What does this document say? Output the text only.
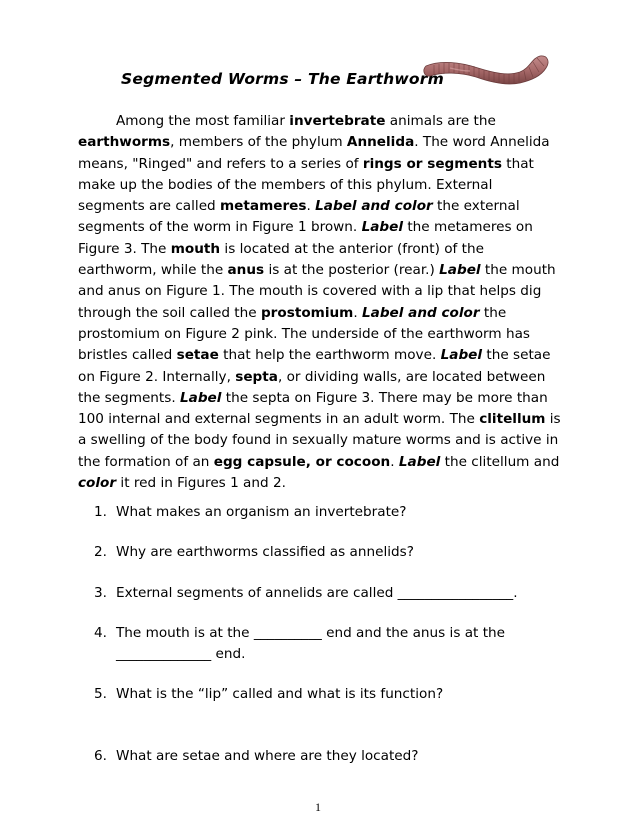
Segmented Worms – The Earthworm

Among the most familiar invertebrate animals are the earthworms, members of the phylum Annelida. The word Annelida means, "Ringed" and refers to a series of rings or segments that make up the bodies of the members of this phylum. External segments are called metameres. Label and color the external segments of the worm in Figure 1 brown. Label the metameres on Figure 3. The mouth is located at the anterior (front) of the earthworm, while the anus is at the posterior (rear.) Label the mouth and anus on Figure 1. The mouth is covered with a lip that helps dig through the soil called the prostomium. Label and color the prostomium on Figure 2 pink. The underside of the earthworm has bristles called setae that help the earthworm move. Label the setae on Figure 2. Internally, septa, or dividing walls, are located between the segments. Label the septa on Figure 3. There may be more than 100 internal and external segments in an adult worm. The clitellum is a swelling of the body found in sexually mature worms and is active in the formation of an egg capsule, or cocoon. Label the clitellum and color it red in Figures 1 and 2.

1. What makes an organism an invertebrate?
2. Why are earthworms classified as annelids?
3. External segments of annelids are called _________________.
4. The mouth is at the __________ end and the anus is at the
______________ end.
5. What is the “lip” called and what is its function?
6. What are setae and where are they located?
1
